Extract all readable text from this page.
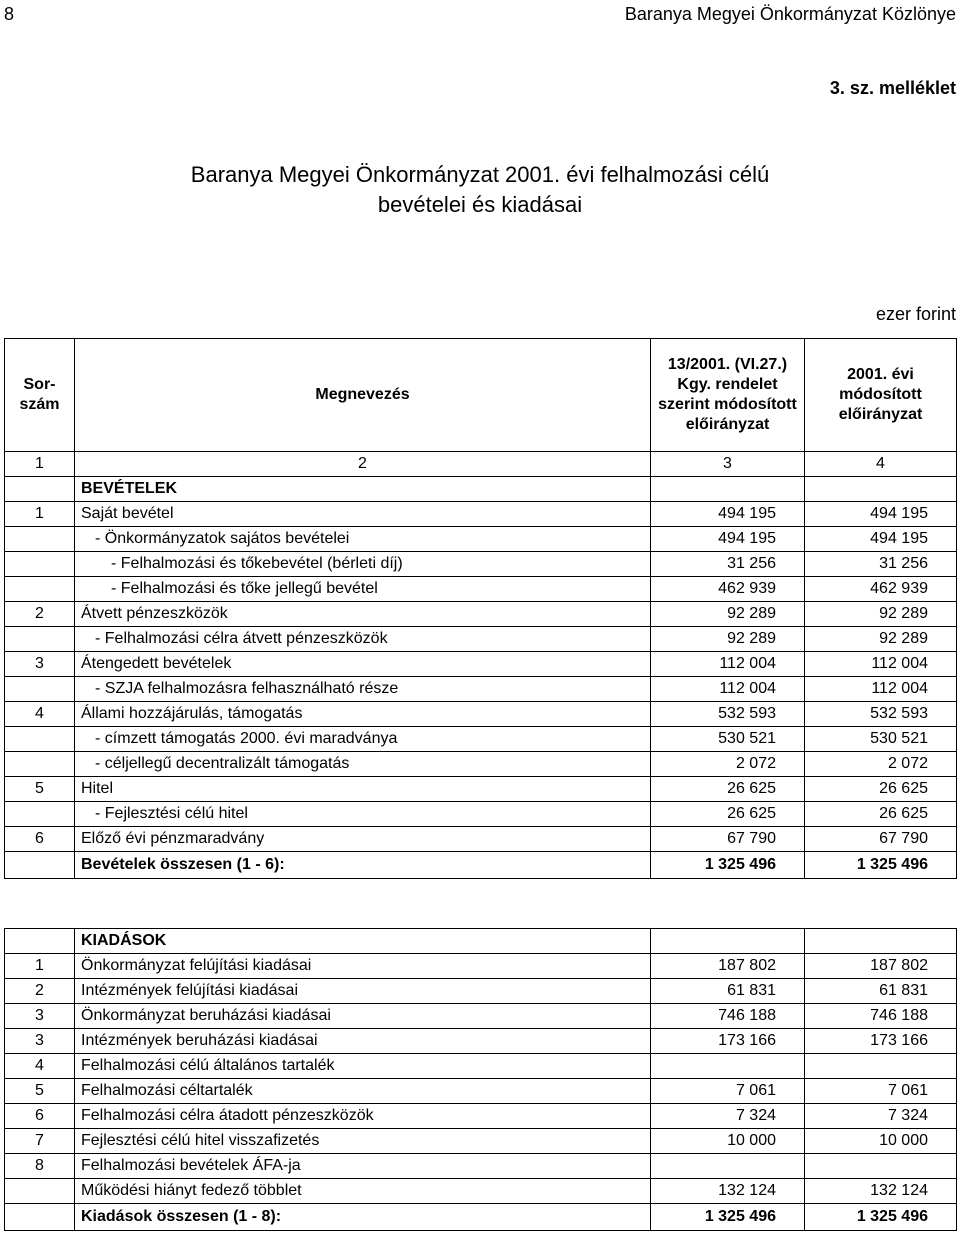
8	Baranya Megyei Önkormányzat Közlönye
3. sz. melléklet
Baranya Megyei Önkormányzat 2001. évi felhalmozási célú
bevételei és kiadásai
ezer forint
Sor-szám	Megnevezés	13/2001. (VI.27.) Kgy. rendelet szerint módosított előirányzat	2001. évi módosított előirányzat
1	2	3	4
	BEVÉTELEK		
1	Saját bevétel	494 195	494 195
	- Önkormányzatok sajátos bevételei	494 195	494 195
	- Felhalmozási és tőkebevétel (bérleti díj)	31 256	31 256
	- Felhalmozási és tőke jellegű bevétel	462 939	462 939
2	Átvett pénzeszközök	92 289	92 289
	- Felhalmozási célra átvett pénzeszközök	92 289	92 289
3	Átengedett bevételek	112 004	112 004
	- SZJA felhalmozásra felhasználható része	112 004	112 004
4	Állami hozzájárulás, támogatás	532 593	532 593
	- címzett támogatás 2000. évi maradványa	530 521	530 521
	- céljellegű decentralizált támogatás	2 072	2 072
5	Hitel	26 625	26 625
	- Fejlesztési célú hitel	26 625	26 625
6	Előző évi pénzmaradvány	67 790	67 790
	Bevételek összesen (1 - 6):	1 325 496	1 325 496
	KIADÁSOK		
1	Önkormányzat felújítási kiadásai	187 802	187 802
2	Intézmények felújítási kiadásai	61 831	61 831
3	Önkormányzat beruházási kiadásai	746 188	746 188
3	Intézmények beruházási kiadásai	173 166	173 166
4	Felhalmozási célú általános tartalék		
5	Felhalmozási céltartalék	7 061	7 061
6	Felhalmozási célra átadott pénzeszközök	7 324	7 324
7	Fejlesztési célú hitel visszafizetés	10 000	10 000
8	Felhalmozási bevételek ÁFA-ja		
	Működési hiányt fedező többlet	132 124	132 124
	Kiadások összesen (1 - 8):	1 325 496	1 325 496
